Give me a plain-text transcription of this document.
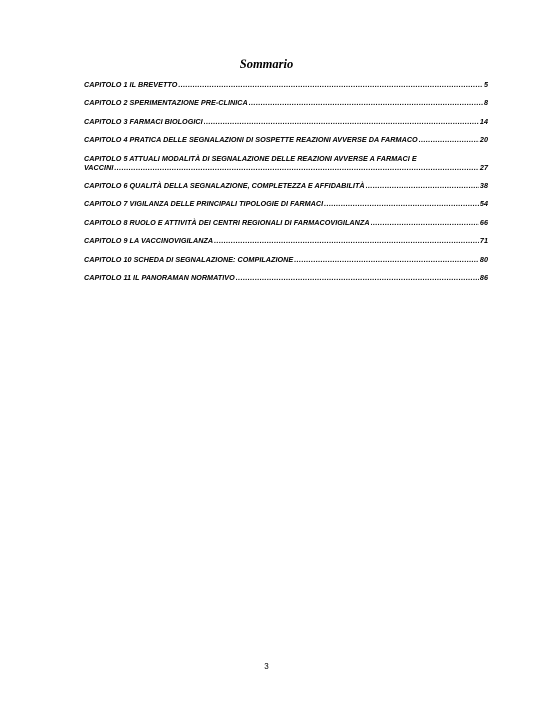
Sommario
CAPITOLO 1 IL BREVETTO .....	5
CAPITOLO 2 SPERIMENTAZIONE PRE-CLINICA .....	8
CAPITOLO 3 FARMACI BIOLOGICI .....	14
CAPITOLO 4 PRATICA DELLE SEGNALAZIONI DI SOSPETTE REAZIONI AVVERSE DA FARMACO .....	20
CAPITOLO 5 ATTUALI MODALITÀ DI SEGNALAZIONE DELLE REAZIONI AVVERSE A FARMACI E
VACCINI .....	27
CAPITOLO 6 QUALITÀ DELLA SEGNALAZIONE, COMPLETEZZA E AFFIDABILITÀ .....	38
CAPITOLO 7 VIGILANZA DELLE PRINCIPALI TIPOLOGIE DI FARMACI .....	54
CAPITOLO 8 RUOLO E ATTIVITÀ DEI CENTRI REGIONALI DI FARMACOVIGILANZA .....	66
CAPITOLO 9 LA VACCINOVIGILANZA .....	71
CAPITOLO 10 SCHEDA DI SEGNALAZIONE: COMPILAZIONE .....	80
CAPITOLO 11 IL PANORAMAN NORMATIVO .....	86
3
